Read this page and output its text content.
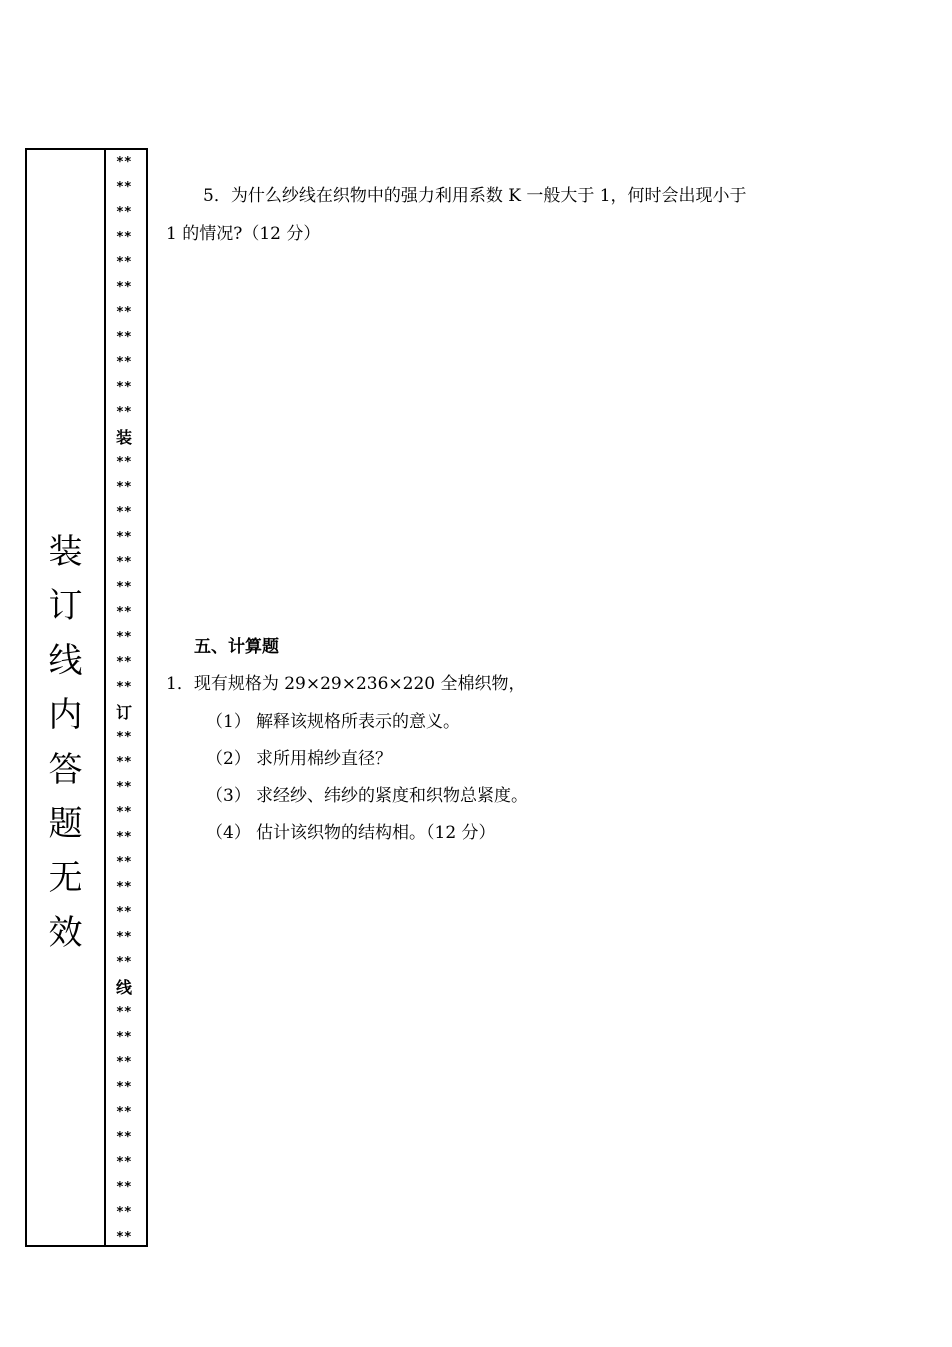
装
订
线
内
答
题
无
效
**
**
**
**
**
**
**
**
**
**
**
装
**
**
**
**
**
**
**
**
**
**
订
**
**
**
**
**
**
**
**
**
**
线
**
**
**
**
**
**
**
**
**
**
5．为什么纱线在织物中的强力利用系数 K 一般大于 1，何时会出现小于
1 的情况?（12 分）
五、计算题
1．现有规格为 29×29×236×220 全棉织物，
（1） 解释该规格所表示的意义。
（2） 求所用棉纱直径？
（3） 求经纱、纬纱的紧度和织物总紧度。
（4） 估计该织物的结构相。（12 分）
